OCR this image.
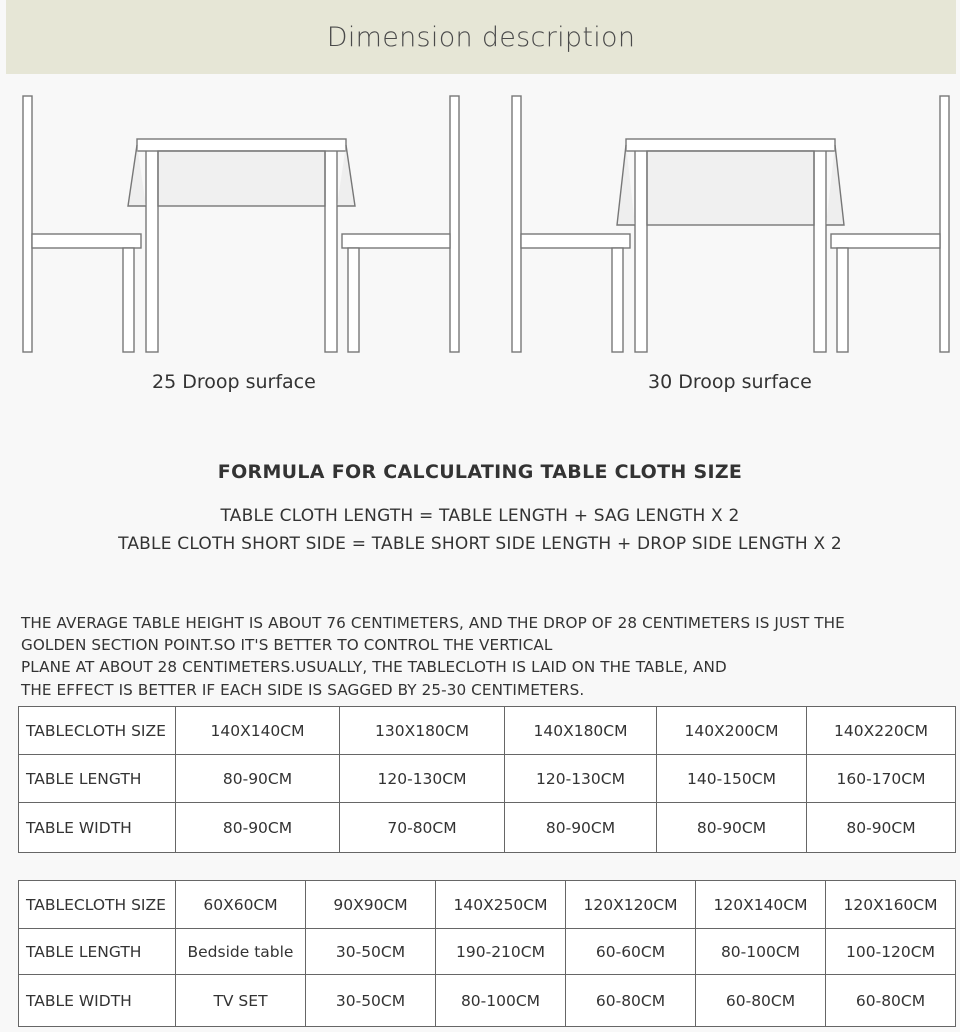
Dimension description
25 Droop surface	30 Droop surface
FORMULA FOR CALCULATING TABLE CLOTH SIZE
TABLE CLOTH LENGTH = TABLE LENGTH + SAG LENGTH X 2
TABLE CLOTH SHORT SIDE = TABLE SHORT SIDE LENGTH + DROP SIDE LENGTH X 2
THE AVERAGE TABLE HEIGHT IS ABOUT 76 CENTIMETERS, AND THE DROP OF 28 CENTIMETERS IS JUST THE
GOLDEN SECTION POINT.SO IT'S BETTER TO CONTROL THE VERTICAL
PLANE AT ABOUT 28 CENTIMETERS.USUALLY, THE TABLECLOTH IS LAID ON THE TABLE, AND
THE EFFECT IS BETTER IF EACH SIDE IS SAGGED BY 25-30 CENTIMETERS.
TABLECLOTH SIZE	140X140CM	130X180CM	140X180CM	140X200CM	140X220CM
TABLE LENGTH	80-90CM	120-130CM	120-130CM	140-150CM	160-170CM
TABLE WIDTH	80-90CM	70-80CM	80-90CM	80-90CM	80-90CM
TABLECLOTH SIZE	60X60CM	90X90CM	140X250CM	120X120CM	120X140CM	120X160CM
TABLE LENGTH	Bedside table	30-50CM	190-210CM	60-60CM	80-100CM	100-120CM
TABLE WIDTH	TV SET	30-50CM	80-100CM	60-80CM	60-80CM	60-80CM
